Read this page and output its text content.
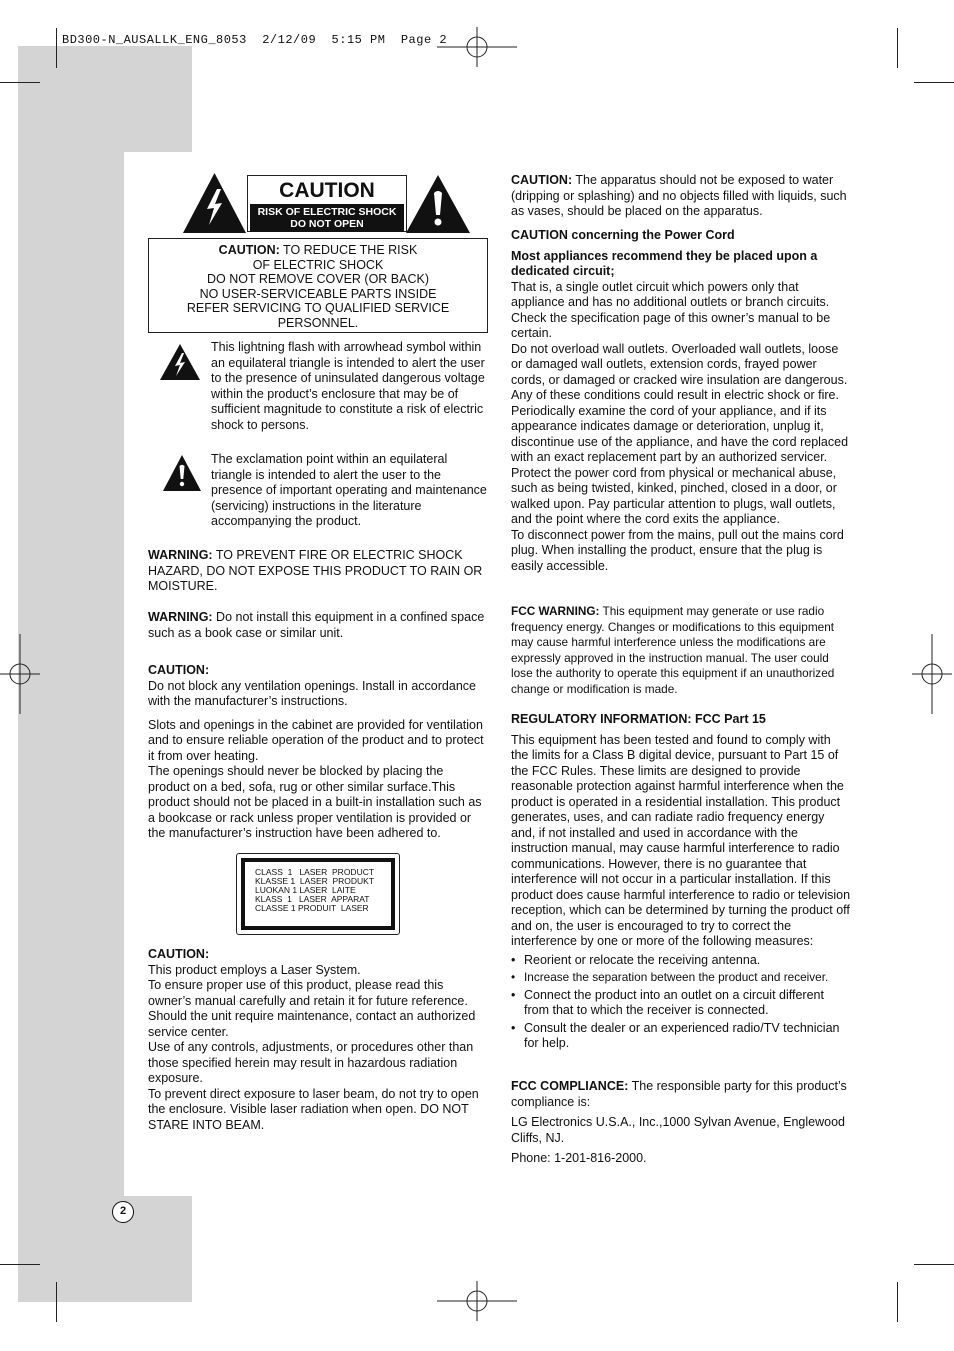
BD300-N_AUSALLK_ENG_8053  2/12/09  5:15 PM  Page 2
CAUTION
RISK OF ELECTRIC SHOCK
DO NOT OPEN
CAUTION: TO REDUCE THE RISK
OF ELECTRIC SHOCK
DO NOT REMOVE COVER (OR BACK)
NO USER-SERVICEABLE PARTS INSIDE
REFER SERVICING TO QUALIFIED SERVICE
PERSONNEL.
This lightning flash with arrowhead symbol within an equilateral triangle is intended to alert the user to the presence of uninsulated dangerous voltage within the product’s enclosure that may be of sufficient magnitude to constitute a risk of electric shock to persons.
The exclamation point within an equilateral triangle is intended to alert the user to the presence of important operating and maintenance (servicing) instructions in the literature accompanying the product.
WARNING: TO PREVENT FIRE OR ELECTRIC SHOCK HAZARD, DO NOT EXPOSE THIS PRODUCT TO RAIN OR MOISTURE.
WARNING: Do not install this equipment in a confined space such as a book case or similar unit.

CAUTION:

Do not block any ventilation openings. Install in accordance with the manufacturer’s instructions.

Slots and openings in the cabinet are provided for ventilation and to ensure reliable operation of the product and to protect it from over heating.

The openings should never be blocked by placing the product on a bed, sofa, rug or other similar surface.This product should not be placed in a built-in installation such as a bookcase or rack unless proper ventilation is provided or the manufacturer’s instruction have been adhered to.

CLASS  1   LASER  PRODUCT
KLASSE 1  LASER  PRODUKT
LUOKAN 1 LASER  LAITE
KLASS  1   LASER  APPARAT
CLASSE 1 PRODUIT  LASER

CAUTION:

This product employs a Laser System.

To ensure proper use of this product, please read this owner’s manual carefully and retain it for future reference. Should the unit require maintenance, contact an authorized service center.

Use of any controls, adjustments, or procedures other than those specified herein may result in hazardous radiation exposure.

To prevent direct exposure to laser beam, do not try to open the enclosure. Visible laser radiation when open. DO NOT STARE INTO BEAM.

CAUTION: The apparatus should not be exposed to water (dripping or splashing) and no objects filled with liquids, such as vases, should be placed on the apparatus.

CAUTION concerning the Power Cord

Most appliances recommend they be placed upon a dedicated circuit;

That is, a single outlet circuit which powers only that appliance and has no additional outlets or branch circuits. Check the specification page of this owner’s manual to be certain.

Do not overload wall outlets. Overloaded wall outlets, loose or damaged wall outlets, extension cords, frayed power cords, or damaged or cracked wire insulation are dangerous. Any of these conditions could result in electric shock or fire. Periodically examine the cord of your appliance, and if its appearance indicates damage or deterioration, unplug it, discontinue use of the appliance, and have the cord replaced with an exact replacement part by an authorized servicer.

Protect the power cord from physical or mechanical abuse, such as being twisted, kinked, pinched, closed in a door, or walked upon. Pay particular attention to plugs, wall outlets, and the point where the cord exits the appliance.

To disconnect power from the mains, pull out the mains cord plug. When installing the product, ensure that the plug is easily accessible.

FCC WARNING: This equipment may generate or use radio frequency energy. Changes or modifications to this equipment may cause harmful interference unless the modifications are expressly approved in the instruction manual. The user could lose the authority to operate this equipment if an unauthorized change or modification is made.

REGULATORY INFORMATION: FCC Part 15

This equipment has been tested and found to comply with the limits for a Class B digital device, pursuant to Part 15 of the FCC Rules. These limits are designed to provide reasonable protection against harmful interference when the product is operated in a residential installation. This product generates, uses, and can radiate radio frequency energy and, if not installed and used in accordance with the instruction manual, may cause harmful interference to radio communications. However, there is no guarantee that interference will not occur in a particular installation. If this product does cause harmful interference to radio or television reception, which can be determined by turning the product off and on, the user is encouraged to try to correct the interference by one or more of the following measures:

• Reorient or relocate the receiving antenna.
• Increase the separation between the product and receiver.
• Connect the product into an outlet on a circuit different from that to which the receiver is connected.
• Consult the dealer or an experienced radio/TV technician for help.

FCC COMPLIANCE: The responsible party for this product’s compliance is:

LG Electronics U.S.A., Inc.,1000 Sylvan Avenue, Englewood Cliffs, NJ.

Phone: 1-201-816-2000.

2
